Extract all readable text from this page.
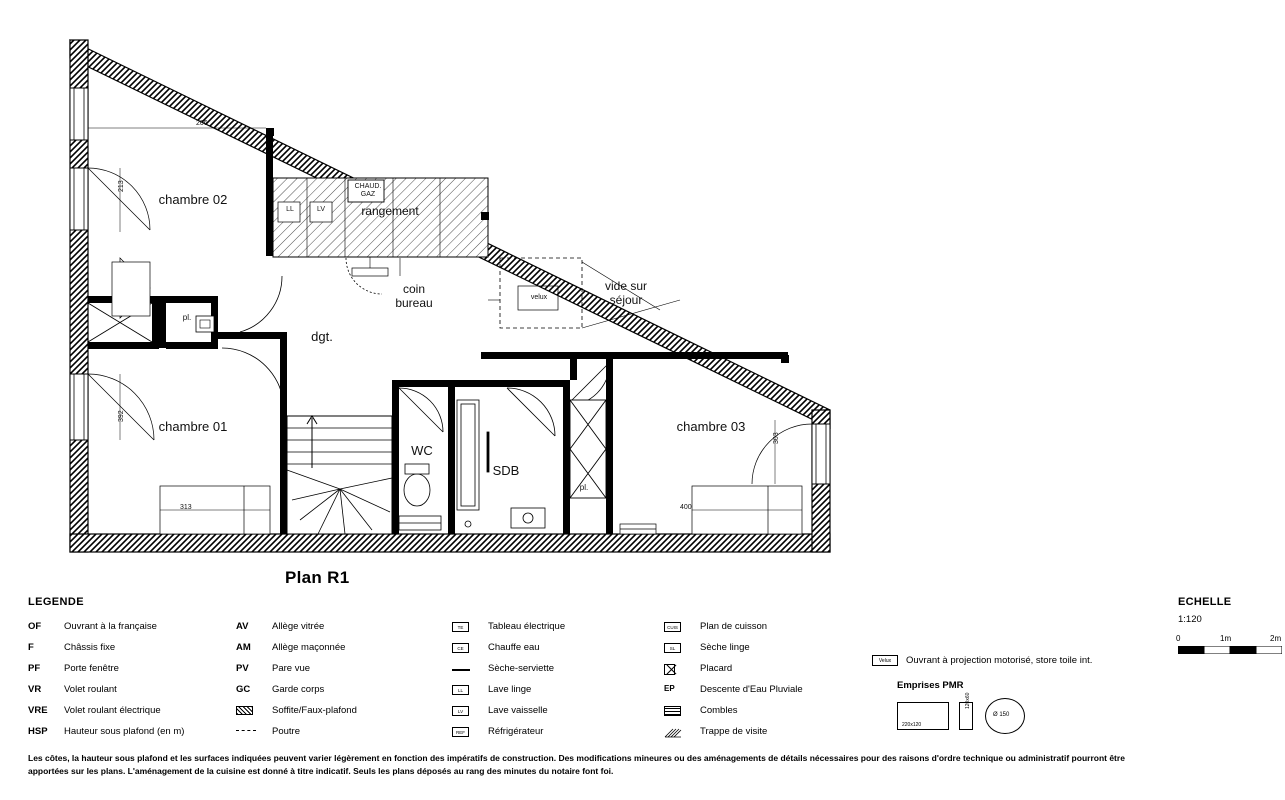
chambre 02
rangement
coin
bureau
vide sur
séjour
dgt.
chambre 01
WC
SDB
chambre 03
CHAUD.
GAZ
velux
pl.
pl.
LL	LV
206
213
392
313	400
303
Plan R1
LEGENDE
OF	Ouvrant à la française
F	Châssis fixe
PF	Porte fenêtre
VR	Volet roulant
VRE	Volet roulant électrique
HSP	Hauteur sous plafond (en m)
AV	Allège vitrée
AM	Allège maçonnée
PV	Pare vue
GC	Garde corps
Soffite/Faux-plafond
Poutre
TE	Tableau électrique
CE	Chauffe eau
Sèche-serviette
LL	Lave linge
LV	Lave vaisselle
REF	Réfrigérateur
CUIS	Plan de cuisson
SL	Sèche linge
Placard
EP	Descente d'Eau Pluviale
Combles
Trappe de visite
Velux	Ouvrant à projection motorisé, store toile int.
Emprises PMR
220x120
120x60
Ø 150
ECHELLE
1:120
0	1m	2m
Les côtes, la hauteur sous plafond et les surfaces indiquées peuvent varier légèrement en fonction des impératifs de construction. Des modifications mineures ou des aménagements de détails nécessaires pour des raisons d'ordre technique ou administratif pourront être apportées sur les plans. L'aménagement de la cuisine est donné à titre indicatif. Seuls les plans déposés au rang des minutes du notaire font foi.
